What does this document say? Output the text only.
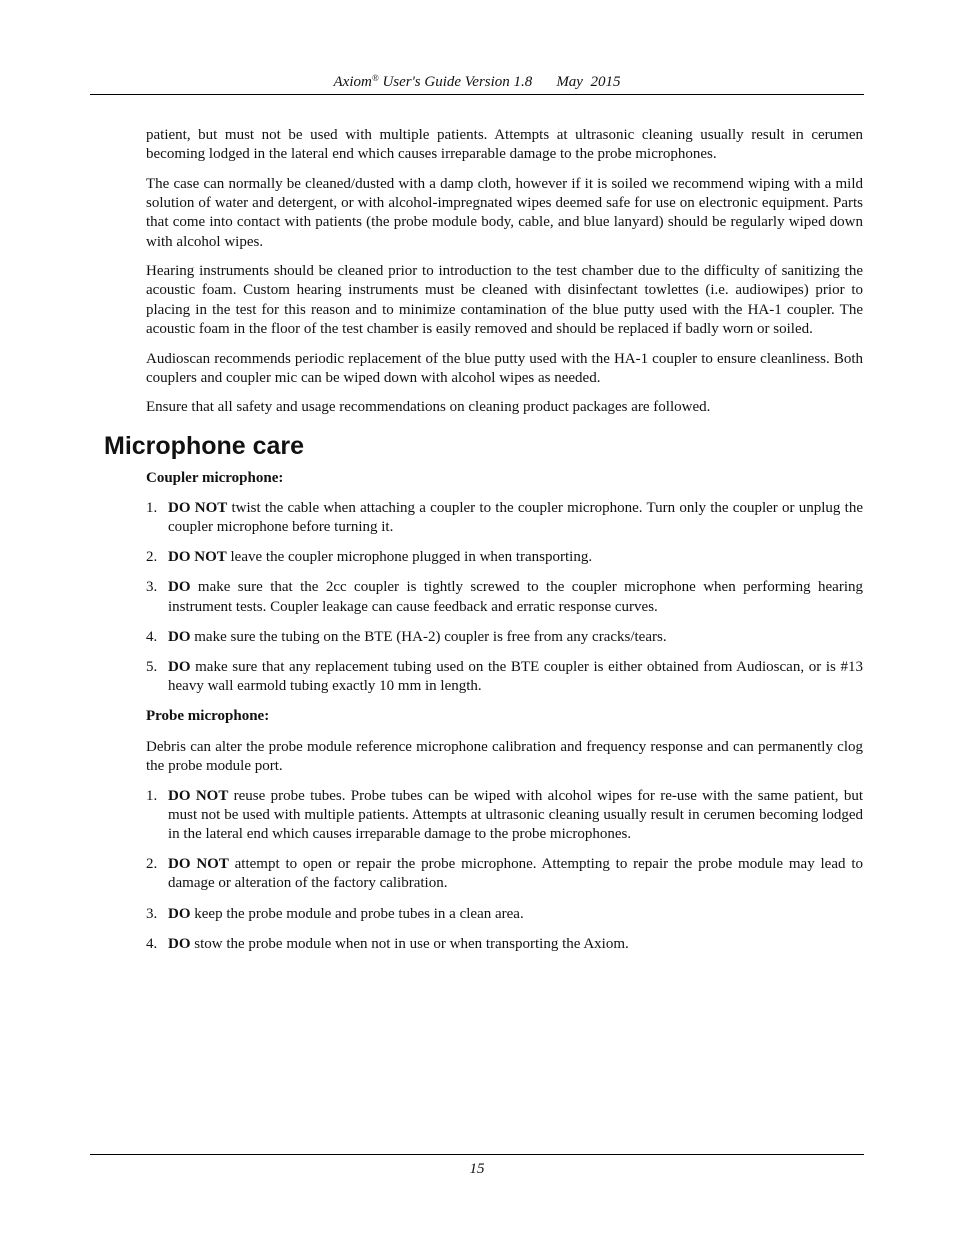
Axiom® User's Guide Version 1.8 May  2015

patient, but must not be used with multiple patients. Attempts at ultrasonic cleaning usually result in cerumen becoming lodged in the lateral end which causes irreparable damage to the probe microphones.

The case can normally be cleaned/dusted with a damp cloth, however if it is soiled we recommend wiping with a mild solution of water and detergent, or with alcohol-impregnated wipes deemed safe for use on electronic equipment. Parts that come into contact with patients (the probe module body, cable, and blue lanyard) should be regularly wiped down with alcohol wipes.

Hearing instruments should be cleaned prior to introduction to the test chamber due to the difficulty of sanitizing the acoustic foam. Custom hearing instruments must be cleaned with disinfectant towlettes (i.e. audiowipes) prior to placing in the test for this reason and to minimize contamination of the blue putty used with the HA-1 coupler. The acoustic foam in the floor of the test chamber is easily removed and should be replaced if badly worn or soiled.

Audioscan recommends periodic replacement of the blue putty used with the HA-1 coupler to ensure cleanliness. Both couplers and coupler mic can be wiped down with alcohol wipes as needed.

Ensure that all safety and usage recommendations on cleaning product packages are followed.

Microphone care
Coupler microphone:
1. DO NOT twist the cable when attaching a coupler to the coupler microphone. Turn only the coupler or unplug the coupler microphone before turning it.
2. DO NOT leave the coupler microphone plugged in when transporting.
3. DO make sure that the 2cc coupler is tightly screwed to the coupler microphone when performing hearing instrument tests. Coupler leakage can cause feedback and erratic response curves.
4. DO make sure the tubing on the BTE (HA-2) coupler is free from any cracks/tears.
5. DO make sure that any replacement tubing used on the BTE coupler is either obtained from Audioscan, or is #13 heavy wall earmold tubing exactly 10 mm in length.
Probe microphone:

Debris can alter the probe module reference microphone calibration and frequency response and can permanently clog the probe module port.

1. DO NOT reuse probe tubes. Probe tubes can be wiped with alcohol wipes for re-use with the same patient, but must not be used with multiple patients. Attempts at ultrasonic cleaning usually result in cerumen becoming lodged in the lateral end which causes irreparable damage to the probe microphones.
2. DO NOT attempt to open or repair the probe microphone. Attempting to repair the probe module may lead to damage or alteration of the factory calibration.
3. DO keep the probe module and probe tubes in a clean area.
4. DO stow the probe module when not in use or when transporting the Axiom.
15
